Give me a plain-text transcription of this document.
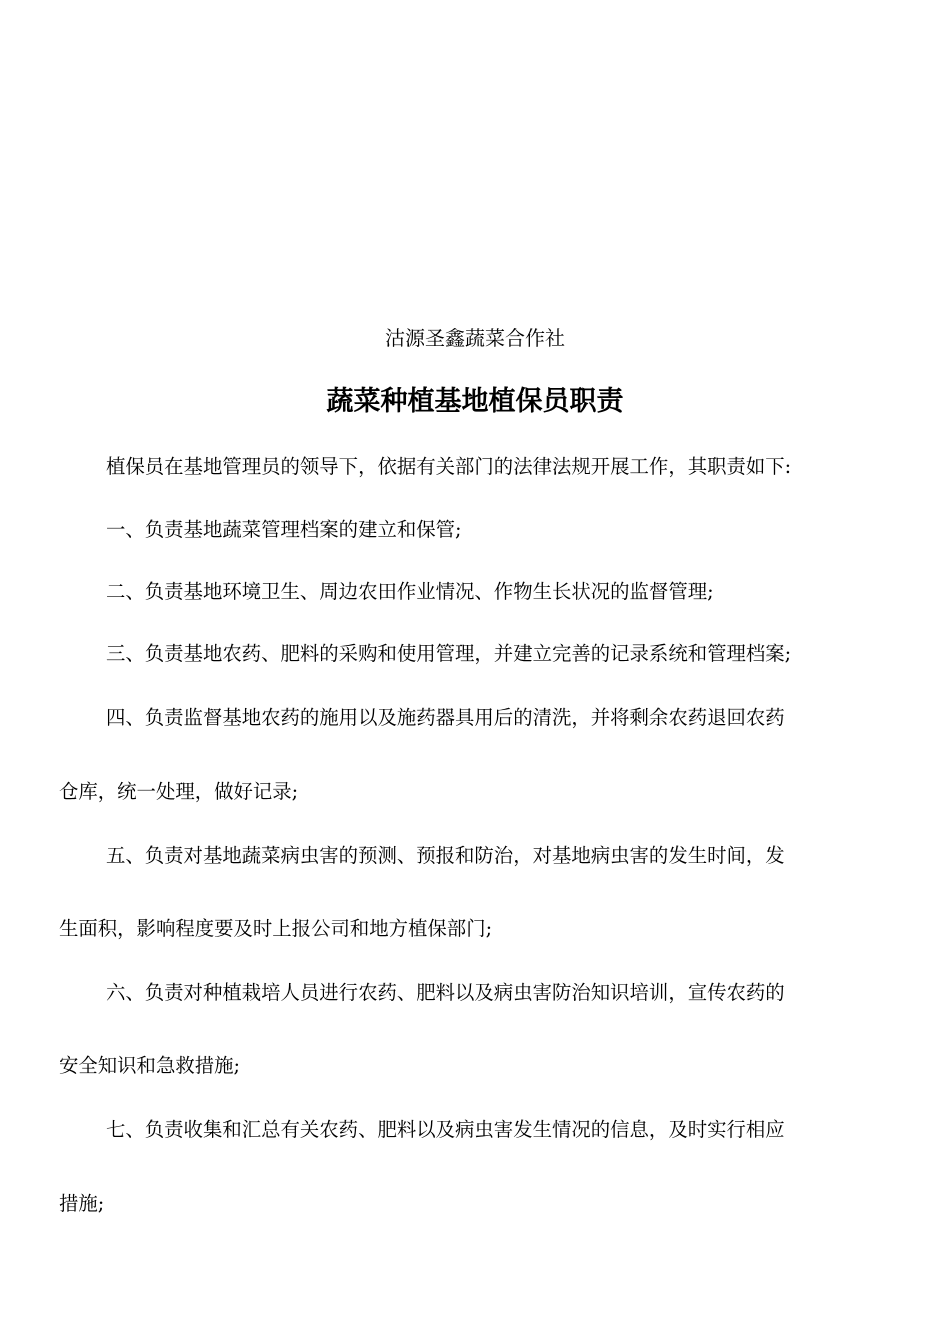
沽源圣鑫蔬菜合作社
蔬菜种植基地植保员职责
植保员在基地管理员的领导下，依据有关部门的法律法规开展工作，其职责如下:
一、负责基地蔬菜管理档案的建立和保管;
二、负责基地环境卫生、周边农田作业情况、作物生长状况的监督管理;
三、负责基地农药、肥料的采购和使用管理，并建立完善的记录系统和管理档案;
四、负责监督基地农药的施用以及施药器具用后的清洗，并将剩余农药退回农药
仓库，统一处理，做好记录;
五、负责对基地蔬菜病虫害的预测、预报和防治，对基地病虫害的发生时间，发
生面积，影响程度要及时上报公司和地方植保部门;
六、负责对种植栽培人员进行农药、肥料以及病虫害防治知识培训，宣传农药的
安全知识和急救措施;
七、负责收集和汇总有关农药、肥料以及病虫害发生情况的信息，及时实行相应
措施;
